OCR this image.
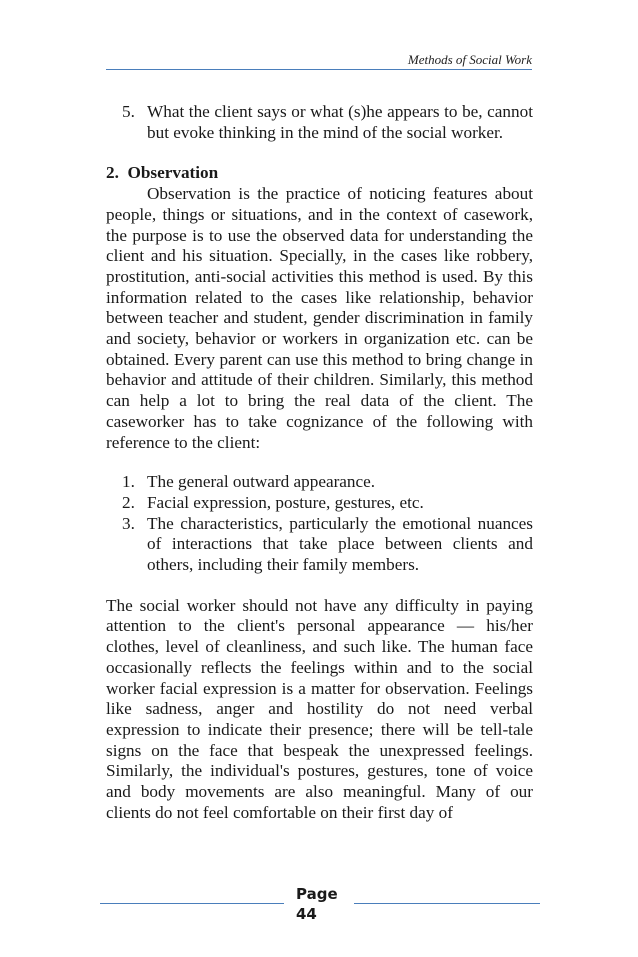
Methods of Social Work
5. What the client says or what (s)he appears to be, cannot but evoke thinking in the mind of the social worker.

2.  Observation

Observation is the practice of noticing features about people, things or situations, and in the context of casework, the purpose is to use the observed data for understanding the client and his situation. Specially, in the cases like robbery, prostitution, anti-social activities this method is used. By this information related to the cases like relationship, behavior between teacher and student, gender discrimination in family and society, behavior or workers in organization etc. can be obtained. Every parent can use this method to bring change in behavior and attitude of their children. Similarly, this method can help a lot to bring the real data of the client. The caseworker has to take cognizance of the following with reference to the client:

1. The general outward appearance.
2. Facial expression, posture, gestures, etc.
3. The characteristics, particularly the emotional nuances of interactions that take place between clients and others, including their family members.

The social worker should not have any difficulty in paying attention to the client's personal appearance — his/her clothes, level of cleanliness, and such like. The human face occasionally reflects the feelings within and to the social worker facial expression is a matter for observation. Feelings like sadness, anger and hostility do not need verbal expression to indicate their presence; there will be tell-tale signs on the face that bespeak the unexpressed feelings. Similarly, the individual's postures, gestures, tone of voice and body movements are also meaningful. Many of our clients do not feel comfortable on their first day of

Page
44
